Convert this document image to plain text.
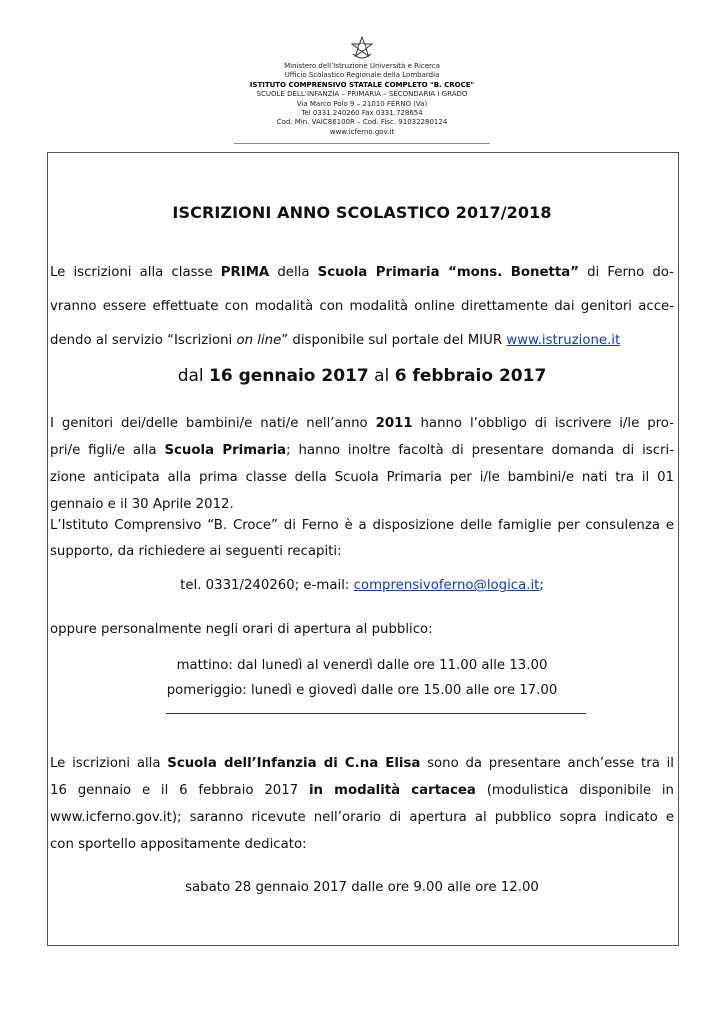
Ministero dell’Istruzione Università e Ricerca
Ufficio Scolastico Regionale della Lombardia
ISTITUTO COMPRENSIVO STATALE COMPLETO "B. CROCE"
SCUOLE DELL’INFANZIA – PRIMARIA – SECONDARIA I GRADO
Via Marco Polo 9 – 21010 FERNO (Va)
Tel 0331.240260 Fax 0331.728654
Cod. Min. VAIC86100R – Cod. Fisc. 91032280124
www.icferno.gov.it
ISCRIZIONI ANNO SCOLASTICO 2017/2018
Le iscrizioni alla classe PRIMA della Scuola Primaria “mons. Bonetta” di Ferno do-
vranno essere effettuate con modalità con modalità online direttamente dai genitori acce-
dendo al servizio “Iscrizioni on line” disponibile sul portale del MIUR www.istruzione.it
dal 16 gennaio 2017 al 6 febbraio 2017
I genitori dei/delle bambini/e nati/e nell’anno 2011 hanno l’obbligo di iscrivere i/le pro-
pri/e figli/e alla Scuola Primaria; hanno inoltre facoltà di presentare domanda di iscri-
zione anticipata alla prima classe della Scuola Primaria per i/le bambini/e nati tra il 01
gennaio e il 30 Aprile 2012.
L’Istituto Comprensivo “B. Croce” di Ferno è a disposizione delle famiglie per consulenza e
supporto, da richiedere ai seguenti recapiti:
tel. 0331/240260; e-mail: comprensivoferno@logica.it;
oppure personalmente negli orari di apertura al pubblico:
mattino: dal lunedì al venerdì dalle ore 11.00 alle 13.00
pomeriggio: lunedì e giovedì dalle ore 15.00 alle ore 17.00
Le iscrizioni alla Scuola dell’Infanzia di C.na Elisa sono da presentare anch’esse tra il
16 gennaio e il 6 febbraio 2017 in modalità cartacea (modulistica disponibile in
www.icferno.gov.it); saranno ricevute nell’orario di apertura al pubblico sopra indicato e
con sportello appositamente dedicato:
sabato 28 gennaio 2017 dalle ore 9.00 alle ore 12.00
